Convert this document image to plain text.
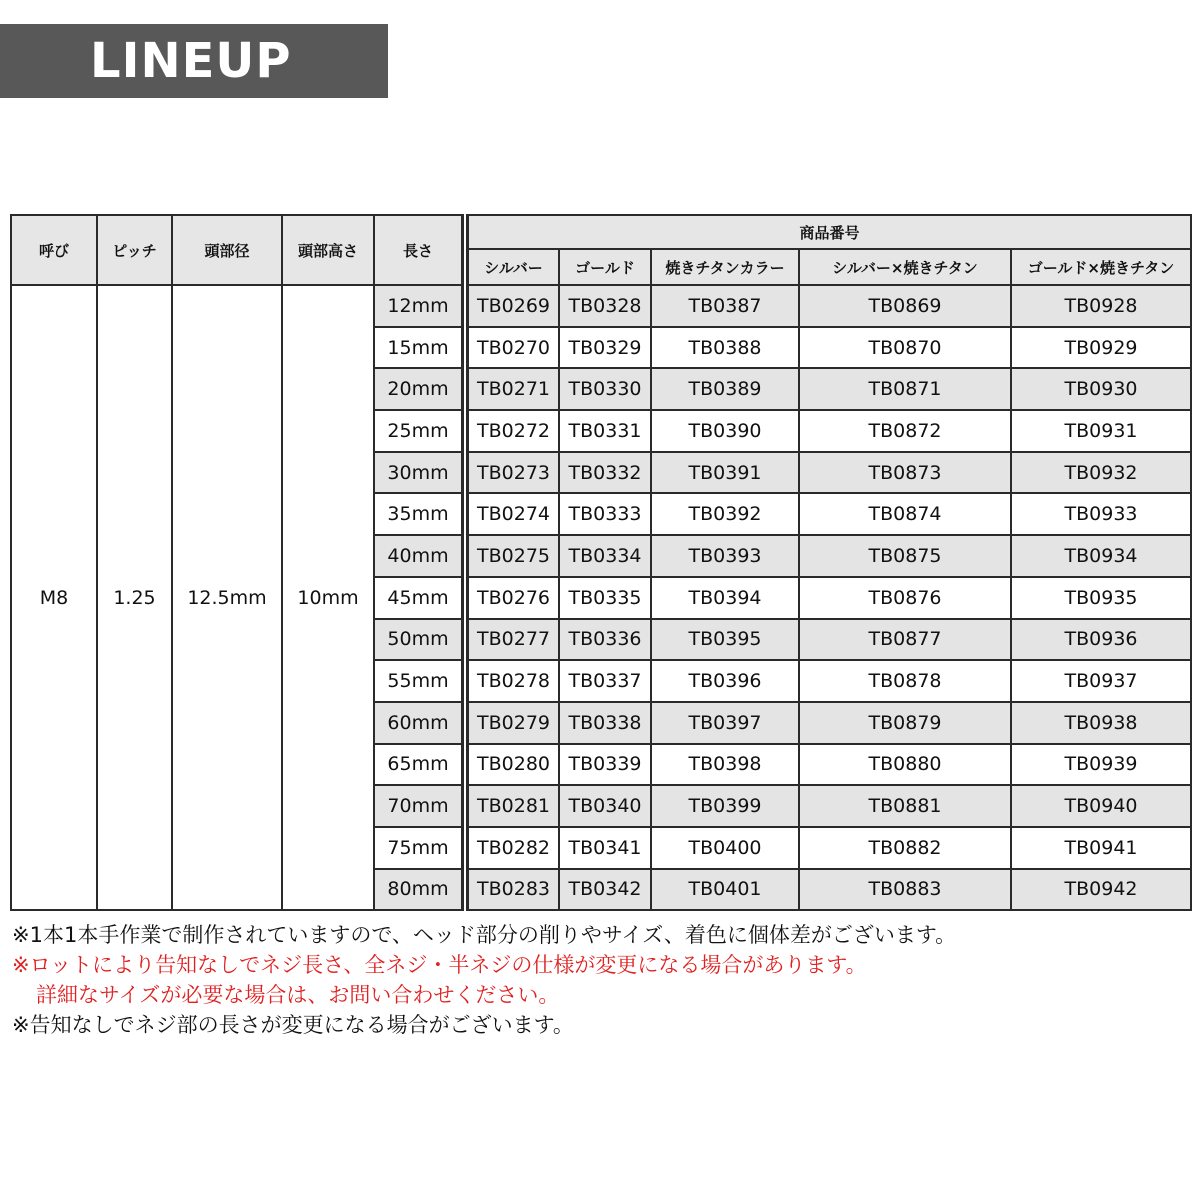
LINEUP
呼び	ピッチ	頭部径	頭部高さ	長さ	商品番号				
					シルバー	ゴールド	焼きチタンカラー	シルバー×焼きチタン	ゴールド×焼きチタン
M8	1.25	12.5mm	10mm	12mm	TB0269	TB0328	TB0387	TB0869	TB0928
				15mm	TB0270	TB0329	TB0388	TB0870	TB0929
				20mm	TB0271	TB0330	TB0389	TB0871	TB0930
				25mm	TB0272	TB0331	TB0390	TB0872	TB0931
				30mm	TB0273	TB0332	TB0391	TB0873	TB0932
				35mm	TB0274	TB0333	TB0392	TB0874	TB0933
				40mm	TB0275	TB0334	TB0393	TB0875	TB0934
				45mm	TB0276	TB0335	TB0394	TB0876	TB0935
				50mm	TB0277	TB0336	TB0395	TB0877	TB0936
				55mm	TB0278	TB0337	TB0396	TB0878	TB0937
				60mm	TB0279	TB0338	TB0397	TB0879	TB0938
				65mm	TB0280	TB0339	TB0398	TB0880	TB0939
				70mm	TB0281	TB0340	TB0399	TB0881	TB0940
				75mm	TB0282	TB0341	TB0400	TB0882	TB0941
				80mm	TB0283	TB0342	TB0401	TB0883	TB0942
※1本1本手作業で制作されていますので、ヘッド部分の削りやサイズ、着色に個体差がございます。
※ロットにより告知なしでネジ長さ、全ネジ・半ネジの仕様が変更になる場合があります。
詳細なサイズが必要な場合は、お問い合わせください。
※告知なしでネジ部の長さが変更になる場合がございます。
